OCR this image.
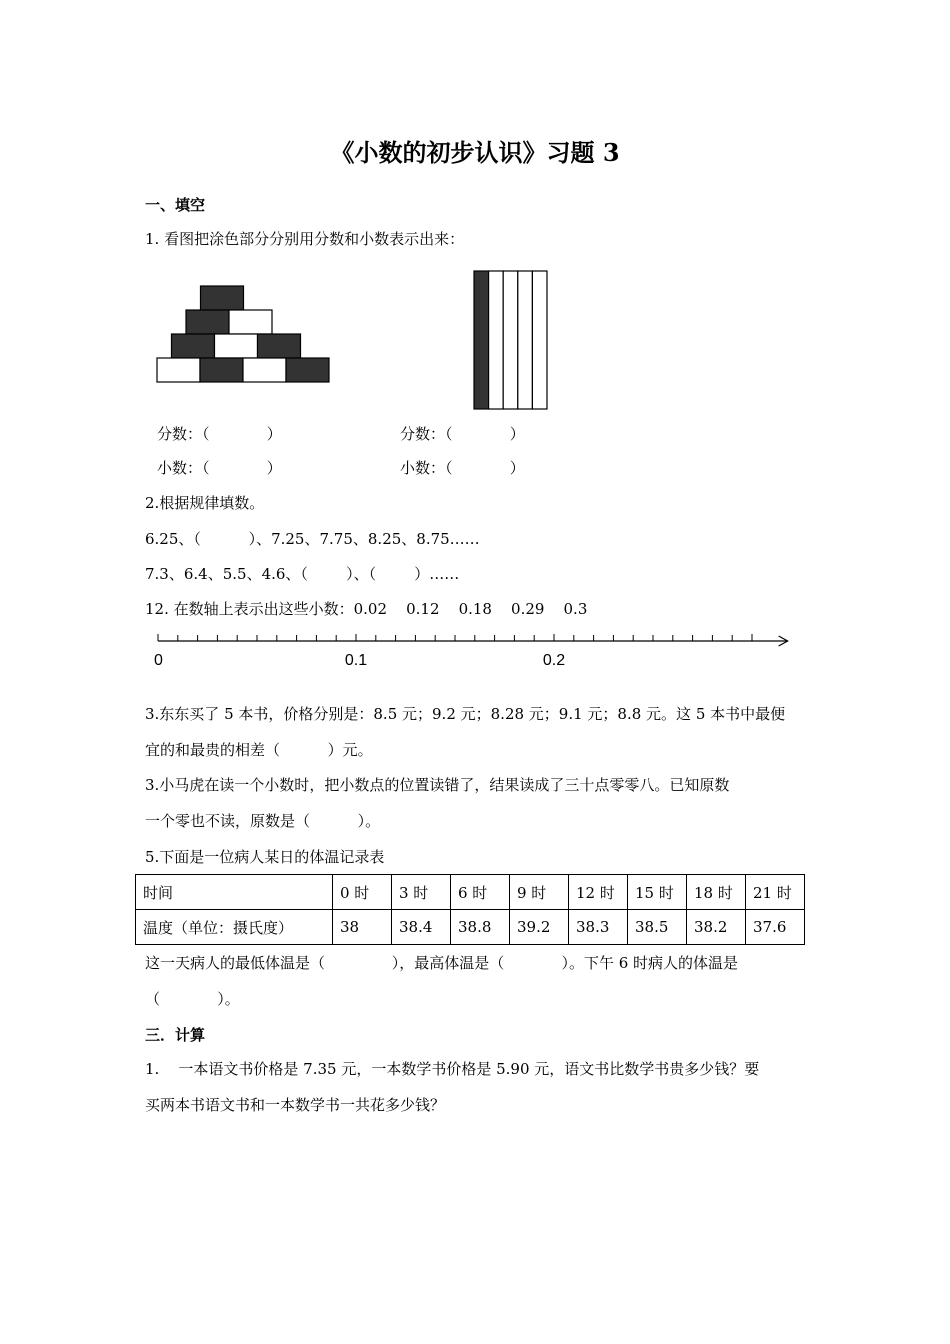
《小数的初步认识》习题 3
一、填空
1. 看图把涂色部分分别用分数和小数表示出来：
分数：（            ）
小数：（            ）
分数：（            ）
小数：（            ）
2.根据规律填数。
6.25、（          ）、7.25、7.75、8.25、8.75……
7.3、6.4、5.5、4.6、（        ）、（        ）……
12. 在数轴上表示出这些小数：0.02    0.12    0.18    0.29    0.3
0	0.1	0.2
3.东东买了 5 本书，价格分别是：8.5 元；9.2 元；8.28 元；9.1 元；8.8 元。这 5 本书中最便
宜的和最贵的相差（          ）元。
3.小马虎在读一个小数时，把小数点的位置读错了，结果读成了三十点零零八。已知原数
一个零也不读，原数是（          ）。
5.下面是一位病人某日的体温记录表
时间	0 时	3 时	6 时	9 时	12 时	15 时	18 时	21 时
温度（单位：摄氏度）	38	38.4	38.8	39.2	38.3	38.5	38.2	37.6
这一天病人的最低体温是（              ），最高体温是（            ）。下午 6 时病人的体温是
（            ）。
三．计算
1.    一本语文书价格是 7.35 元，一本数学书价格是 5.90 元，语文书比数学书贵多少钱？要
买两本书语文书和一本数学书一共花多少钱？
